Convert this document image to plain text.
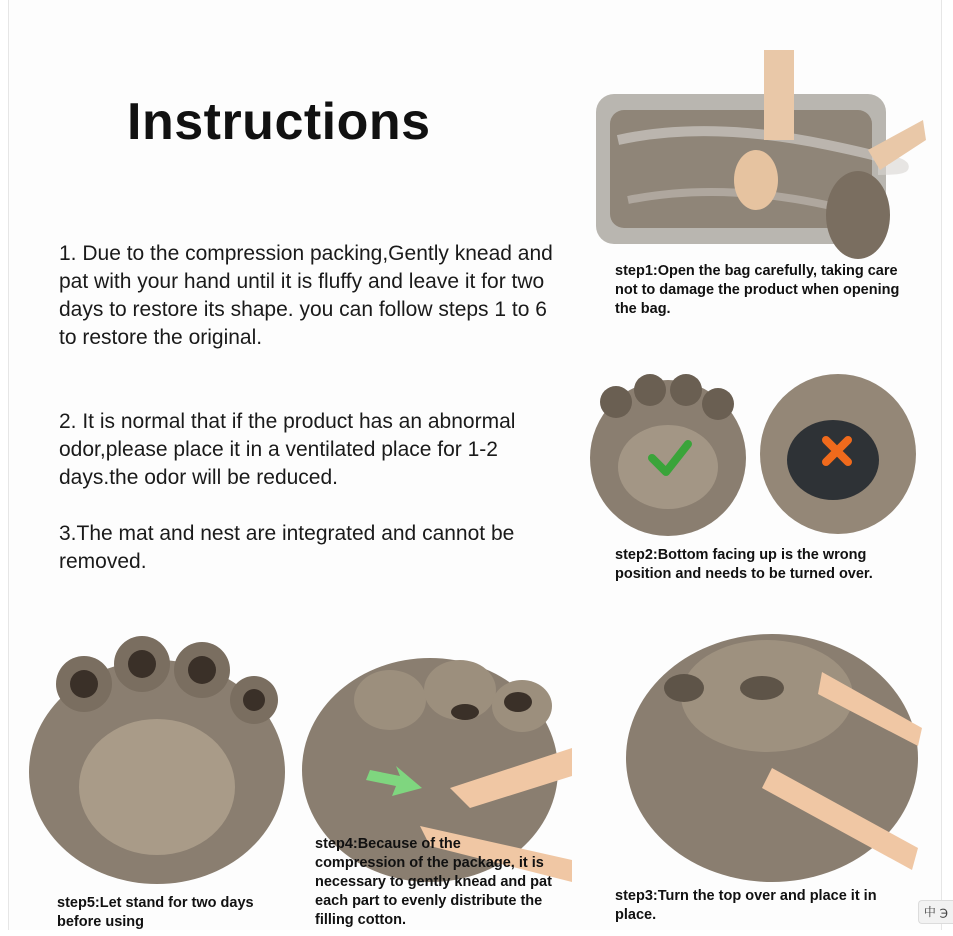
Instructions
1. Due to the compression packing,Gently knead and pat with your hand until it is fluffy and leave it for two days to restore its shape. you can follow steps 1 to 6 to restore the original.
2. It is normal that if the product has an abnormal odor,please place it in a ventilated place for 1-2 days.the odor will be reduced.
3.The mat and nest are integrated and cannot be removed.
step1:Open the bag carefully, taking care not to damage the product when opening the bag.
step2:Bottom facing up is the wrong position and needs to be turned over.
step5:Let stand for two days before using
step4:Because of the compression of the package, it is necessary to gently knead and pat each part to evenly distribute the filling cotton.
step3:Turn the top over and place it in place.	中 ℈
